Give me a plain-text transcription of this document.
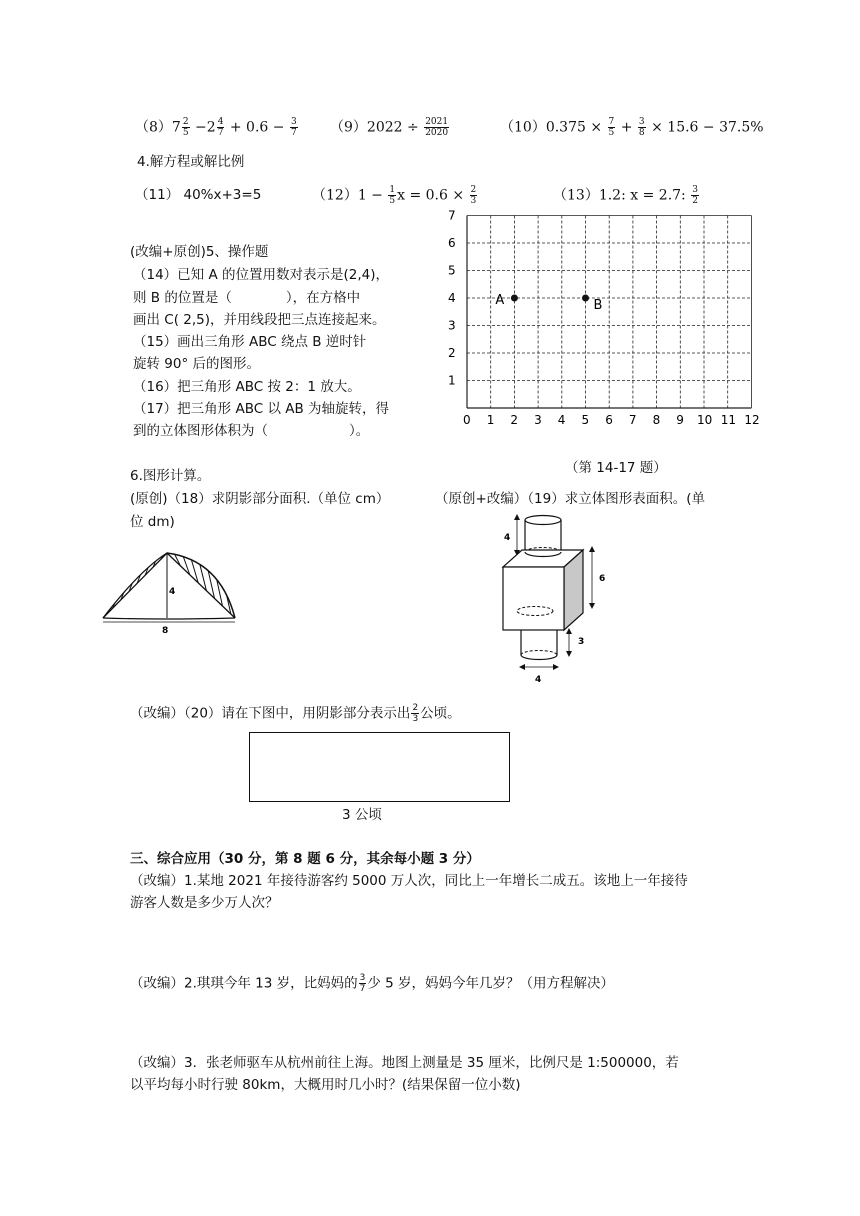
$(8)7 \frac{2}{5} -2 \frac{4}{7} + 0.6 - \frac{3}{7} (9)2022 \div \frac{2021}{2020}$	$(10)0.375 \times \frac{7}{5} + \frac{3}{8} \times 15.6 - 37.5\%$
4.解方程或解比例
（11） 40%x+3=5	$(12)1 - \frac{1}{5}$ $x = 0.6 \times \frac{2}{3}$	（13）1.2: x = 2.7: $\frac{3}{2}$
(改编+原创)5、操作题
（14）已知 A 的位置用数对表示是(2,4)，
则 B 的位置是（　　　　），在方格中
画出 C( 2,5)，并用线段把三点连接起来。
（15）画出三角形 ABC 绕点 B 逆时针
旋转 90° 后的图形。
（16）把三角形 ABC 按 2：1 放大。
（17）把三角形 ABC 以 AB 为轴旋转，得
到的立体图形体积为（　　　　　　）。
0 1 2 3 4 5 6 7 8 9 10 11 12
1
2
3
4
5
6
7
A	B
（第 14-17 题）
6.图形计算。
(原创)（18）求阴影部分面积.（单位 cm）	（原创+改编）（19）求立体图形表面积。(单
位 dm)
4
8
4
6
3
4
（改编）（20）请在下图中，用阴影部分表示出 $\frac{2}{3}$ 公顷。
3 公顷
三、综合应用（30 分，第 8 题 6 分，其余每小题 3 分）
（改编）1.某地 2021 年接待游客约 5000 万人次，同比上一年增长二成五。该地上一年接待
游客人数是多少万人次？
（改编）2.琪琪今年 13 岁，比妈妈的 $\frac{3}{7}$ 少 5 岁，妈妈今年几岁？（用方程解决）
（改编）3．张老师驱车从杭州前往上海。地图上测量是 35 厘米，比例尺是 1:500000，若
以平均每小时行驶 80km，大概用时几小时？(结果保留一位小数)
